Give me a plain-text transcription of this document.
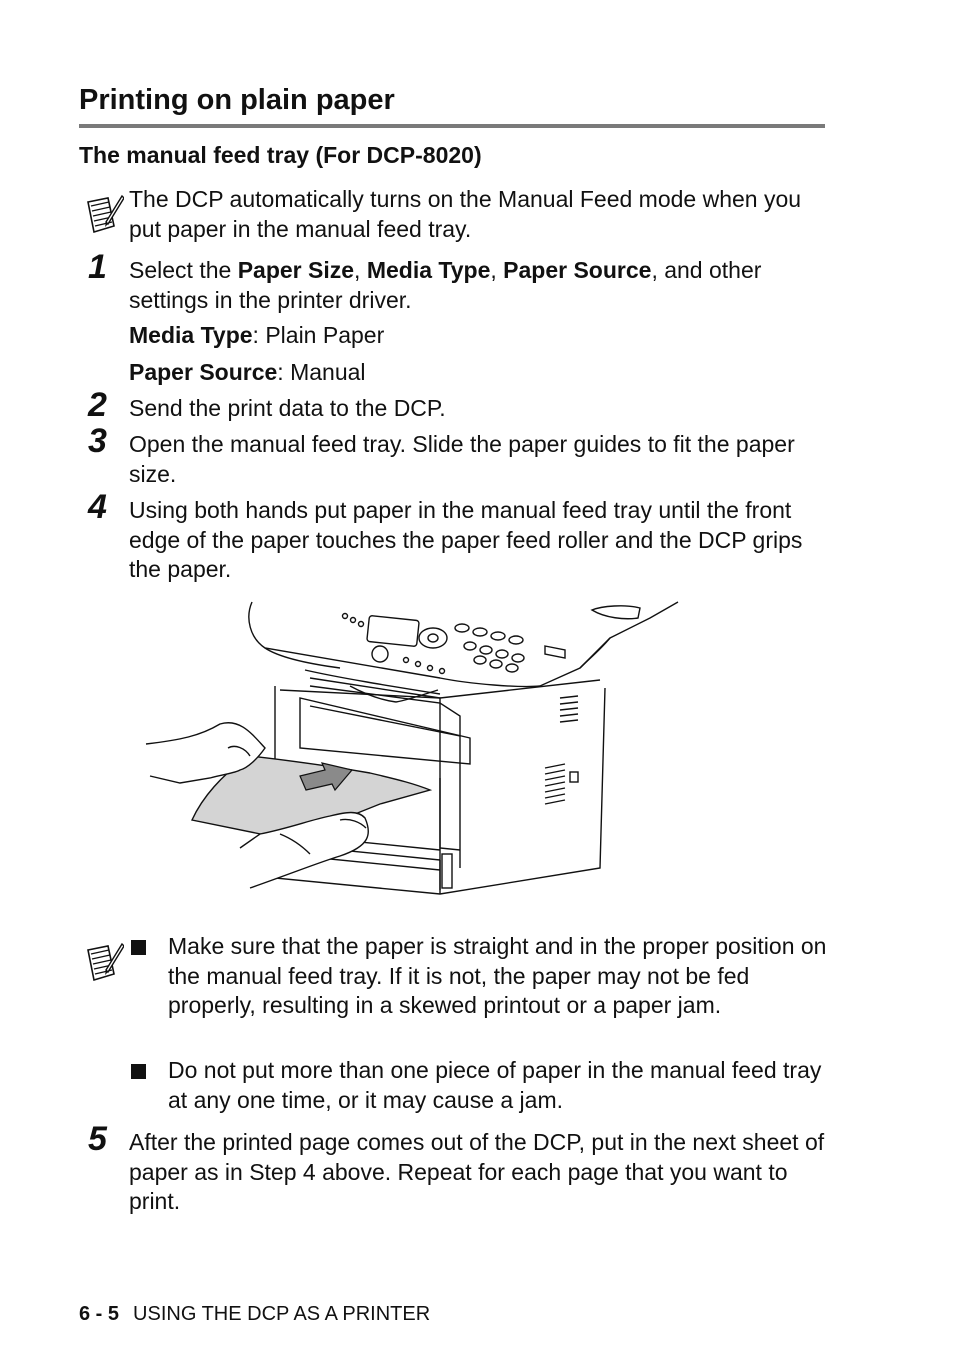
Printing on plain paper
The manual feed tray (For DCP-8020)
The DCP automatically turns on the Manual Feed mode when you put paper in the manual feed tray.
1 Select the Paper Size, Media Type, Paper Source, and other settings in the printer driver.
Media Type: Plain Paper
Paper Source: Manual
2 Send the print data to the DCP.
3 Open the manual feed tray. Slide the paper guides to fit the paper size.
4 Using both hands put paper in the manual feed tray until the front edge of the paper touches the paper feed roller and the DCP grips the paper.
Make sure that the paper is straight and in the proper position on the manual feed tray. If it is not, the paper may not be fed properly, resulting in a skewed printout or a paper jam.
Do not put more than one piece of paper in the manual feed tray at any one time, or it may cause a jam.
5 After the printed page comes out of the DCP, put in the next sheet of paper as in Step 4 above. Repeat for each page that you want to print.
6 - 5 USING THE DCP AS A PRINTER
